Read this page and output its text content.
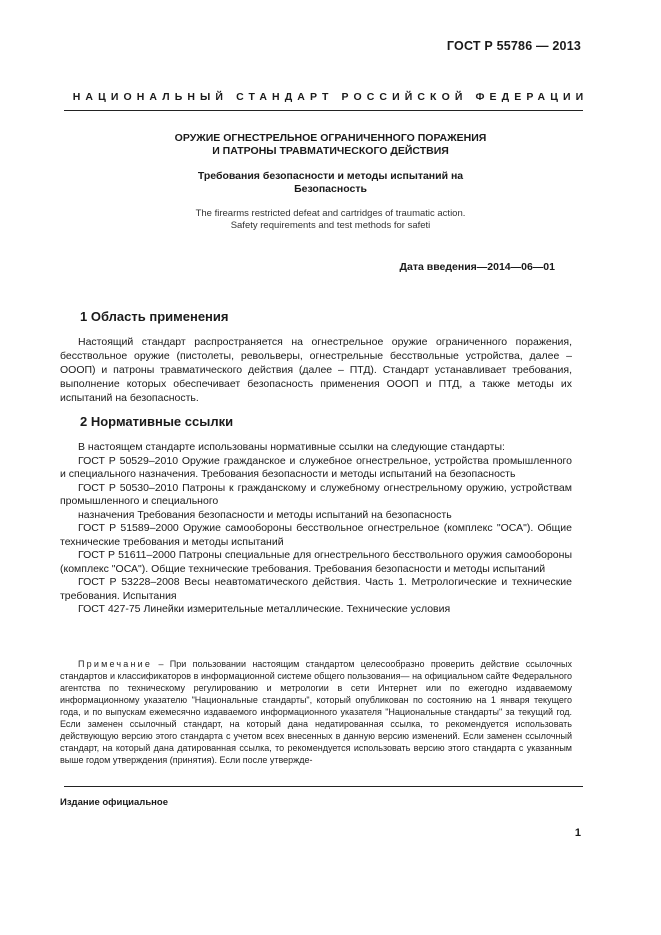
ГОСТ Р 55786 — 2013
НАЦИОНАЛЬНЫЙ СТАНДАРТ РОССИЙСКОЙ ФЕДЕРАЦИИ
ОРУЖИЕ ОГНЕСТРЕЛЬНОЕ ОГРАНИЧЕННОГО ПОРАЖЕНИЯ
И ПАТРОНЫ ТРАВМАТИЧЕСКОГО ДЕЙСТВИЯ
Требования безопасности и методы испытаний на
Безопасность
The firearms restricted defeat and cartridges of traumatic action.
Safety requirements and test methods for safeti
Дата введения—2014—06—01
1 Область применения

Настоящий стандарт распространяется на огнестрельное оружие ограниченного поражения, бесствольное оружие (пистолеты, револьверы, огнестрельные бесствольные устройства, далее – ОООП) и патроны травматического действия (далее – ПТД). Стандарт устанавливает требования, выполнение которых обеспечивает безопасность применения ОООП и ПТД, а также методы их испытаний на безопасность.

2 Нормативные ссылки

В настоящем стандарте использованы нормативные ссылки на следующие стандарты:

ГОСТ Р 50529–2010 Оружие гражданское и служебное огнестрельное, устройства промышленного и специального назначения. Требования безопасности и методы испытаний на безопасность

ГОСТ Р 50530–2010 Патроны к гражданскому и служебному огнестрельному оружию, устройствам промышленного и специального

назначения Требования безопасности и методы испытаний на безопасность

ГОСТ Р 51589–2000 Оружие самообороны бесствольное огнестрельное (комплекс "ОСА"). Общие технические требования и методы испытаний

ГОСТ Р 51611–2000 Патроны специальные для огнестрельного бесствольного оружия самообороны (комплекс "ОСА"). Общие технические требования. Требования безопасности и методы испытаний

ГОСТ Р 53228–2008 Весы неавтоматического действия. Часть 1. Метрологические и технические требования. Испытания

ГОСТ 427-75 Линейки измерительные металлические. Технические условия

Примечание – При пользовании настоящим стандартом целесообразно проверить действие ссылочных стандартов и классификаторов в информационной системе общего пользования— на официальном сайте Федерального агентства по техническому регулированию и метрологии в сети Интернет или по ежегодно издаваемому информационному указателю "Национальные стандарты", который опубликован по состоянию на 1 января текущего года, и по выпускам ежемесячно издаваемого информационного указателя "Национальные стандарты" за текущий год. Если заменен ссылочный стандарт, на который дана недатированная ссылка, то рекомендуется использовать действующую версию этого стандарта с учетом всех внесенных в данную версию изменений. Если заменен ссылочный стандарт, на который дана датированная ссылка, то рекомендуется использовать версию этого стандарта с указанным выше годом утверждения (принятия). Если после утвержде-
Издание официальное
1
